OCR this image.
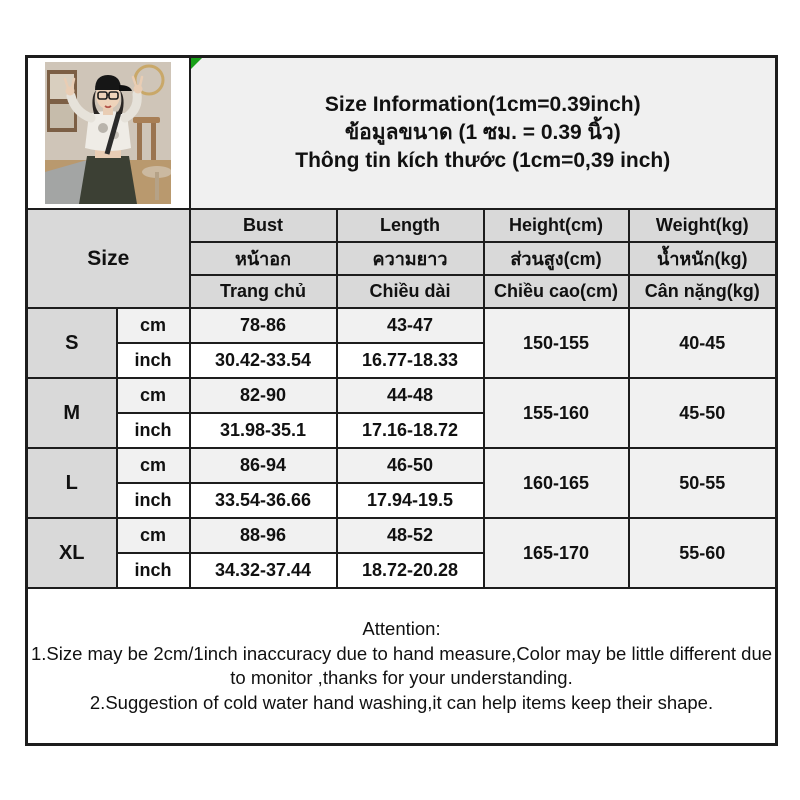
Size Information(1cm=0.39inch)
ข้อมูลขนาด (1 ซม. = 0.39 นิ้ว)
Thông tin kích thước (1cm=0,39 inch)			

Size		Bust	Length	Height(cm)	Weight(kg)
		หน้าอก	ความยาว	ส่วนสูง(cm)	น้ำหนัก(kg)
		Trang chủ	Chiều dài	Chiều cao(cm)	Cân nặng(kg)
S	cm	78-86	43-47	150-155	40-45
	inch	30.42-33.54	16.77-18.33		
M	cm	82-90	44-48	155-160	45-50
	inch	31.98-35.1	17.16-18.72		
L	cm	86-94	46-50	160-165	50-55
	inch	33.54-36.66	17.94-19.5		
XL	cm	88-96	48-52	165-170	55-60
	inch	34.32-37.44	18.72-20.28		

Attention:
1.Size may be 2cm/1inch inaccuracy due to hand measure,Color may be little different due to monitor ,thanks for your understanding.
2.Suggestion of cold water hand washing,it can help items keep their shape.					
